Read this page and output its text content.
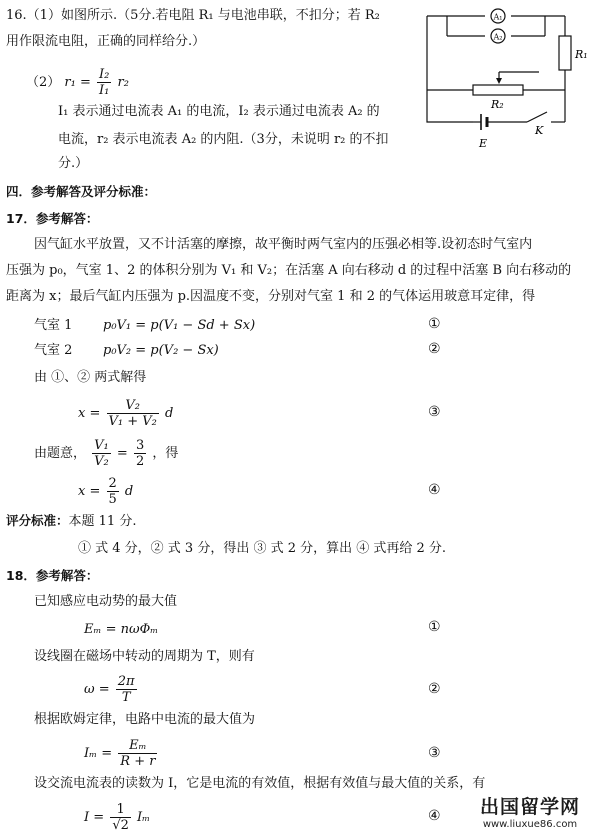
16.（1）如图所示.（5分.若电阻 R₁ 与电池串联，不扣分；若 R₂
用作限流电阻，正确的同样给分.）
（2） $r_1 = \frac{\text{I₂}}{\text{I₁}} r_2$
I₁ 表示通过电流表 A₁ 的电流，I₂ 表示通过电流表 A₂ 的
电流，r₂ 表示电流表 A₂ 的内阻.（3分，未说明 r₂ 的不扣
分.）
A₁
A₂
R₁
R₂
K
E
四．参考解答及评分标准：
17．参考解答：
因气缸水平放置，又不计活塞的摩擦，故平衡时两气室内的压强必相等.设初态时气室内
压强为 p₀，气室 1、2 的体积分别为 V₁ 和 V₂；在活塞 A 向右移动 d 的过程中活塞 B 向右移动的
距离为 x；最后气缸内压强为 p.因温度不变，分别对气室 1 和 2 的气体运用玻意耳定律，得
气室 1 p₀V₁ = p(V₁ − Sd + Sx)	①
气室 2 p₀V₂ = p(V₂ − Sx)	②
由 ①、② 两式解得
$x = \frac{\text{V₂}}{\text{V₁ + V₂}}$ d	③
由题意， $\frac{\text{V₁}}{\text{V₂}} = \frac{3}{2}$ ，得
$x = \frac{2}{5}$ d	④
评分标准：本题 11 分.
① 式 4 分，② 式 3 分，得出 ③ 式 2 分，算出 ④ 式再给 2 分.
18．参考解答：
已知感应电动势的最大值
Eₘ = nωΦₘ	①
设线圈在磁场中转动的周期为 T，则有
$\omega = \frac{2\pi}{T}$	②
根据欧姆定律，电路中电流的最大值为
$I_m = \frac{\text{Eₘ}}{R + r}$	③
设交流电流表的读数为 I，它是电流的有效值，根据有效值与最大值的关系，有
$I = \frac{1}{√2}$ Iₘ	④	出国留学网
www.liuxue86.com
